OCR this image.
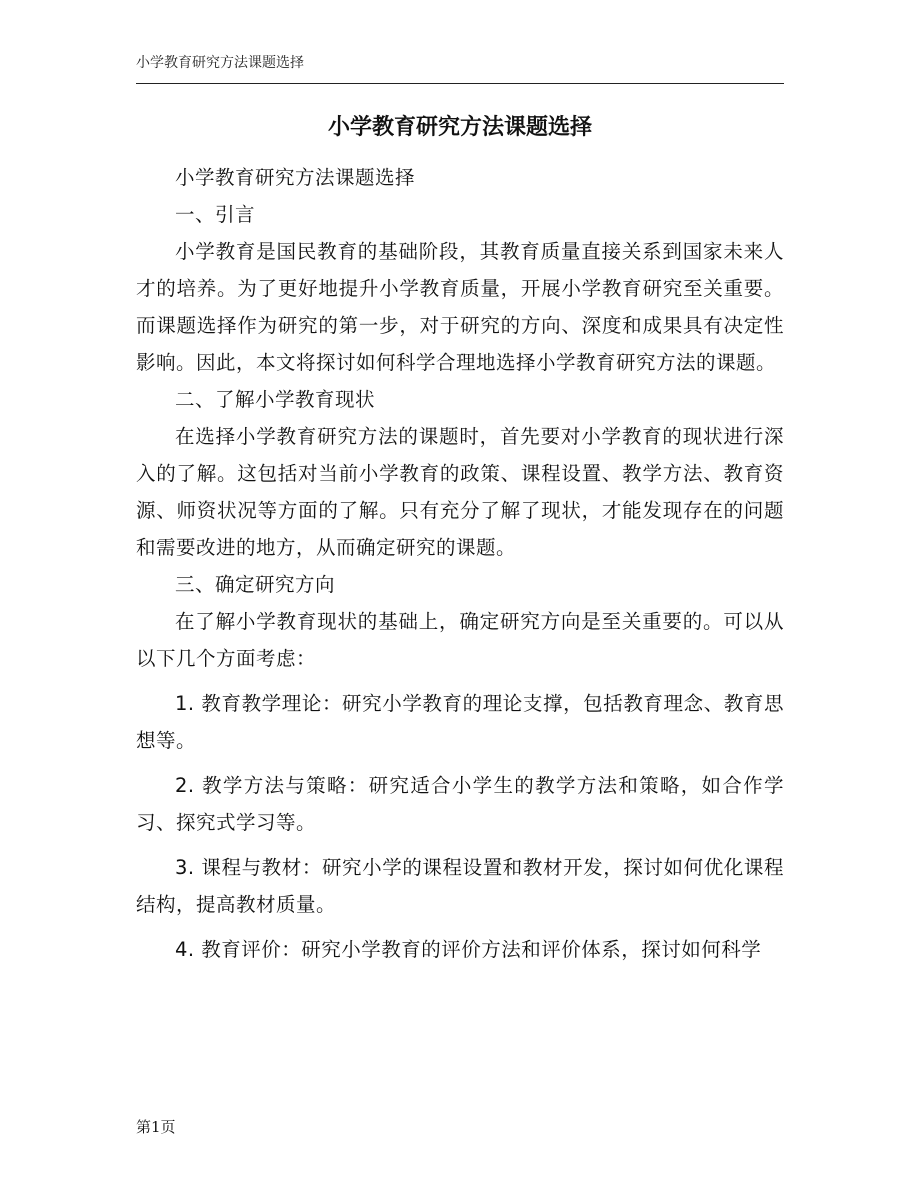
小学教育研究方法课题选择
小学教育研究方法课题选择

小学教育研究方法课题选择

一、引言

小学教育是国民教育的基础阶段，其教育质量直接关系到国家未来人才的培养。为了更好地提升小学教育质量，开展小学教育研究至关重要。而课题选择作为研究的第一步，对于研究的方向、深度和成果具有决定性影响。因此，本文将探讨如何科学合理地选择小学教育研究方法的课题。

二、了解小学教育现状

在选择小学教育研究方法的课题时，首先要对小学教育的现状进行深入的了解。这包括对当前小学教育的政策、课程设置、教学方法、教育资源、师资状况等方面的了解。只有充分了解了现状，才能发现存在的问题和需要改进的地方，从而确定研究的课题。

三、确定研究方向

在了解小学教育现状的基础上，确定研究方向是至关重要的。可以从以下几个方面考虑：

1. 教育教学理论：研究小学教育的理论支撑，包括教育理念、教育思想等。

2. 教学方法与策略：研究适合小学生的教学方法和策略，如合作学习、探究式学习等。

3. 课程与教材：研究小学的课程设置和教材开发，探讨如何优化课程结构，提高教材质量。

4. 教育评价：研究小学教育的评价方法和评价体系，探讨如何科学

第1页
